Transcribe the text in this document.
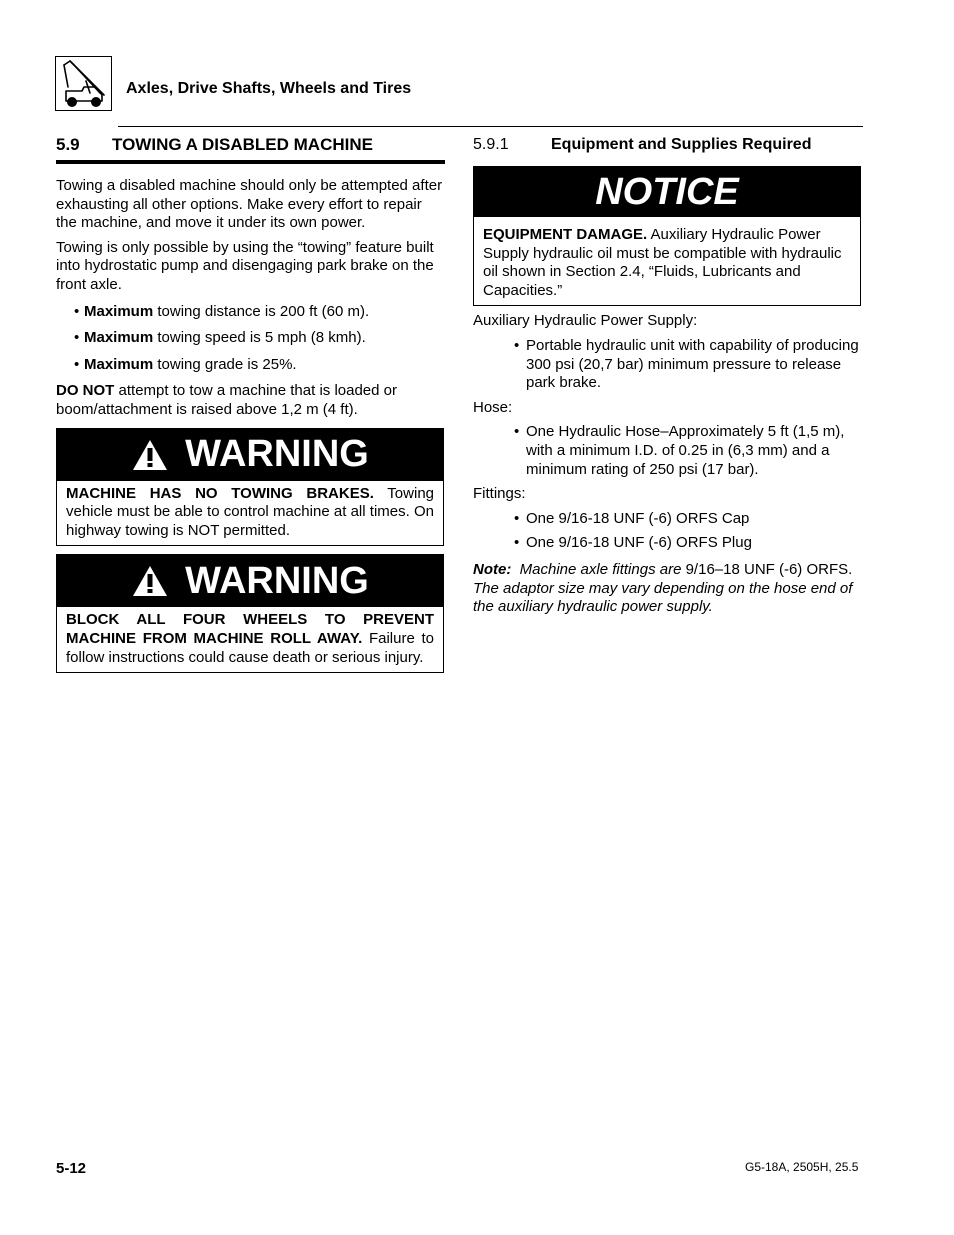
Axles, Drive Shafts, Wheels and Tires
5.9	TOWING A DISABLED MACHINE

Towing a disabled machine should only be attempted after exhausting all other options. Make every effort to repair the machine, and move it under its own power.

Towing is only possible by using the “towing” feature built into hydrostatic pump and disengaging park brake on the front axle.

• Maximum towing distance is 200 ft (60 m).
• Maximum towing speed is 5 mph (8 kmh).
• Maximum towing grade is 25%.

DO NOT attempt to tow a machine that is loaded or boom/attachment is raised above 1,2 m (4 ft).

WARNING
MACHINE HAS NO TOWING BRAKES. Towing vehicle must be able to control machine at all times. On highway towing is NOT permitted.
WARNING
BLOCK ALL FOUR WHEELS TO PREVENT MACHINE FROM MACHINE ROLL AWAY. Failure to follow instructions could cause death or serious injury.
5.9.1	Equipment and Supplies Required
NOTICE
EQUIPMENT DAMAGE. Auxiliary Hydraulic Power Supply hydraulic oil must be compatible with hydraulic oil shown in Section 2.4, “Fluids, Lubricants and Capacities.”

Auxiliary Hydraulic Power Supply:

• Portable hydraulic unit with capability of producing 300 psi (20,7 bar) minimum pressure to release park brake.

Hose:

• One Hydraulic Hose–Approximately 5 ft (1,5 m), with a minimum I.D. of 0.25 in (6,3 mm) and a minimum rating of 250 psi (17 bar).

Fittings:

• One 9/16-18 UNF (-6) ORFS Cap
• One 9/16-18 UNF (-6) ORFS Plug

Note: Machine axle fittings are 9/16–18 UNF (-6) ORFS. The adaptor size may vary depending on the hose end of the auxiliary hydraulic power supply.

5-12	G5-18A, 2505H, 25.5
